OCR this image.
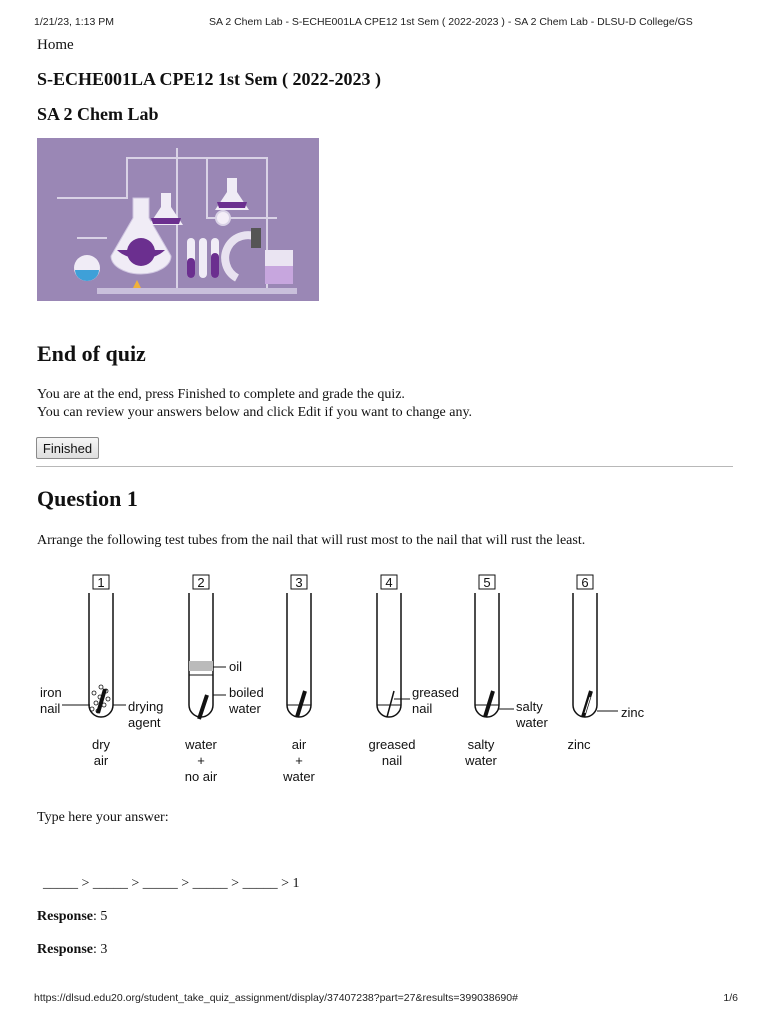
1/21/23, 1:13 PM	SA 2 Chem Lab - S-ECHE001LA CPE12 1st Sem ( 2022-2023 ) - SA 2 Chem Lab - DLSU-D College/GS
Home
S-ECHE001LA CPE12 1st Sem ( 2022-2023 )
SA 2 Chem Lab
End of quiz
You are at the end, press Finished to complete and grade the quiz.
You can review your answers below and click Edit if you want to change any.
Finished
Question 1
Arrange the following test tubes from the nail that will rust most to the nail that will rust the least.
1
iron
nail	drying
agent
dry
air
2
oil
boiled
water
water
+
no air
3
air
+
water
4
greased
nail
greased
nail
5
salty
water
salty
water
6
zinc
zinc
Type here your answer:
_____ > _____ > _____ > _____ > _____ > 1
Response: 5
Response: 3
https://dlsud.edu20.org/student_take_quiz_assignment/display/37407238?part=27&results=399038690#	1/6
